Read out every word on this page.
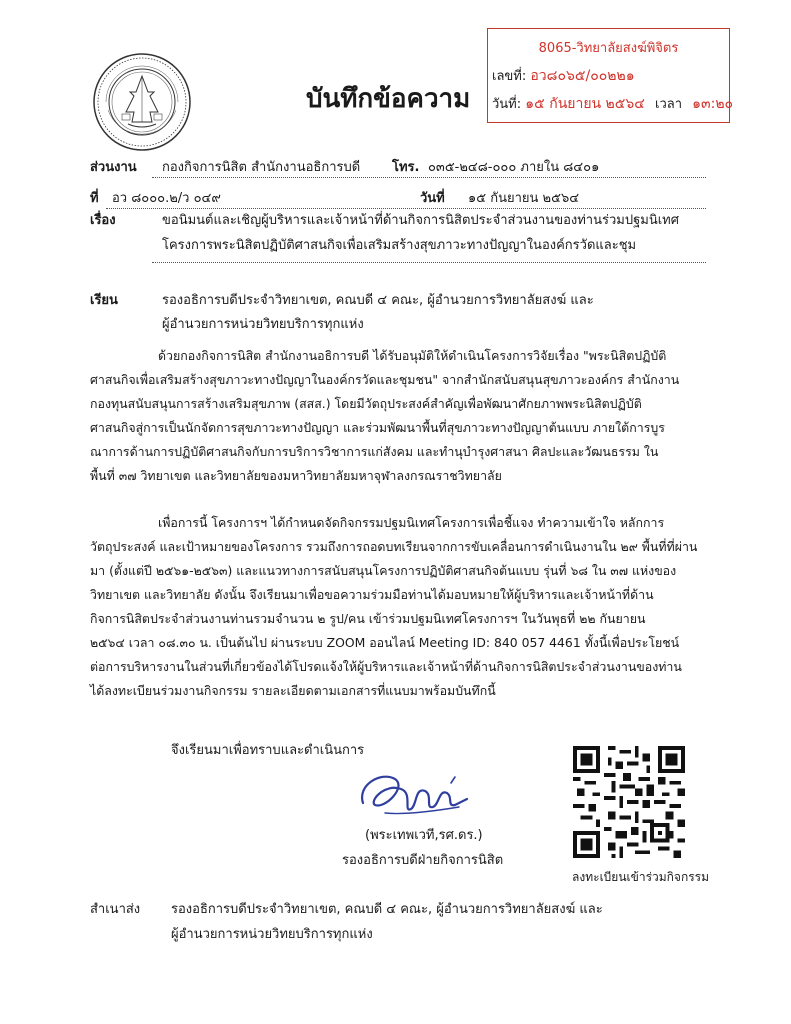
บันทึกข้อความ
8065-วิทยาลัยสงฆ์พิจิตร
เลขที่: อว๘๐๖๕/๐๐๒๒๑
วันที่: ๑๕ กันยายน ๒๕๖๔ เวลา ๑๓:๒๐
ส่วนงาน กองกิจการนิสิต สำนักงานอธิการบดี โทร. ๐๓๕-๒๔๘-๐๐๐ ภายใน ๘๔๐๑
ที่ อว ๘๐๐๐.๒/ว ๐๔๙	วันที่ ๑๕ กันยายน ๒๕๖๔
เรื่อง	ขอนิมนต์และเชิญผู้บริหารและเจ้าหน้าที่ด้านกิจการนิสิตประจำส่วนงานของท่านร่วมปฐมนิเทศ
โครงการพระนิสิตปฏิบัติศาสนกิจเพื่อเสริมสร้างสุขภาวะทางปัญญาในองค์กรวัดและชุม
เรียน	รองอธิการบดีประจำวิทยาเขต, คณบดี ๔ คณะ, ผู้อำนวยการวิทยาลัยสงฆ์ และ
ผู้อำนวยการหน่วยวิทยบริการทุกแห่ง
ด้วยกองกิจการนิสิต สำนักงานอธิการบดี ได้รับอนุมัติให้ดำเนินโครงการวิจัยเรื่อง "พระนิสิตปฏิบัติ
ศาสนกิจเพื่อเสริมสร้างสุขภาวะทางปัญญาในองค์กรวัดและชุมชน" จากสำนักสนับสนุนสุขภาวะองค์กร สำนักงาน
กองทุนสนับสนุนการสร้างเสริมสุขภาพ (สสส.) โดยมีวัตถุประสงค์สำคัญเพื่อพัฒนาศักยภาพพระนิสิตปฏิบัติ
ศาสนกิจสู่การเป็นนักจัดการสุขภาวะทางปัญญา และร่วมพัฒนาพื้นที่สุขภาวะทางปัญญาต้นแบบ ภายใต้การบูร
ณาการด้านการปฏิบัติศาสนกิจกับการบริการวิชาการแก่สังคม และทำนุบำรุงศาสนา ศิลปะและวัฒนธรรม ใน
พื้นที่ ๓๗ วิทยาเขต และวิทยาลัยของมหาวิทยาลัยมหาจุฬาลงกรณราชวิทยาลัย
เพื่อการนี้ โครงการฯ ได้กำหนดจัดกิจกรรมปฐมนิเทศโครงการเพื่อชี้แจง ทำความเข้าใจ หลักการ
วัตถุประสงค์ และเป้าหมายของโครงการ รวมถึงการถอดบทเรียนจากการขับเคลื่อนการดำเนินงานใน ๒๙ พื้นที่ที่ผ่าน
มา (ตั้งแต่ปี ๒๕๖๑-๒๕๖๓) และแนวทางการสนับสนุนโครงการปฏิบัติศาสนกิจต้นแบบ รุ่นที่ ๖๘ ใน ๓๗ แห่งของ
วิทยาเขต และวิทยาลัย ดังนั้น จึงเรียนมาเพื่อขอความร่วมมือท่านได้มอบหมายให้ผู้บริหารและเจ้าหน้าที่ด้าน
กิจการนิสิตประจำส่วนงานท่านรวมจำนวน ๒ รูป/คน เข้าร่วมปฐมนิเทศโครงการฯ ในวันพุธที่ ๒๒ กันยายน
๒๕๖๔ เวลา ๐๘.๓๐ น. เป็นต้นไป ผ่านระบบ ZOOM ออนไลน์ Meeting ID: 840 057 4461 ทั้งนี้เพื่อประโยชน์
ต่อการบริหารงานในส่วนที่เกี่ยวข้องได้โปรดแจ้งให้ผู้บริหารและเจ้าหน้าที่ด้านกิจการนิสิตประจำส่วนงานของท่าน
ได้ลงทะเบียนร่วมงานกิจกรรม รายละเอียดตามเอกสารที่แนบมาพร้อมบันทึกนี้
จึงเรียนมาเพื่อทราบและดำเนินการ
(พระเทพเวที,รศ.ดร.)
รองอธิการบดีฝ่ายกิจการนิสิต
ลงทะเบียนเข้าร่วมกิจกรรม
สำเนาส่ง รองอธิการบดีประจำวิทยาเขต, คณบดี ๔ คณะ, ผู้อำนวยการวิทยาลัยสงฆ์ และ
ผู้อำนวยการหน่วยวิทยบริการทุกแห่ง
